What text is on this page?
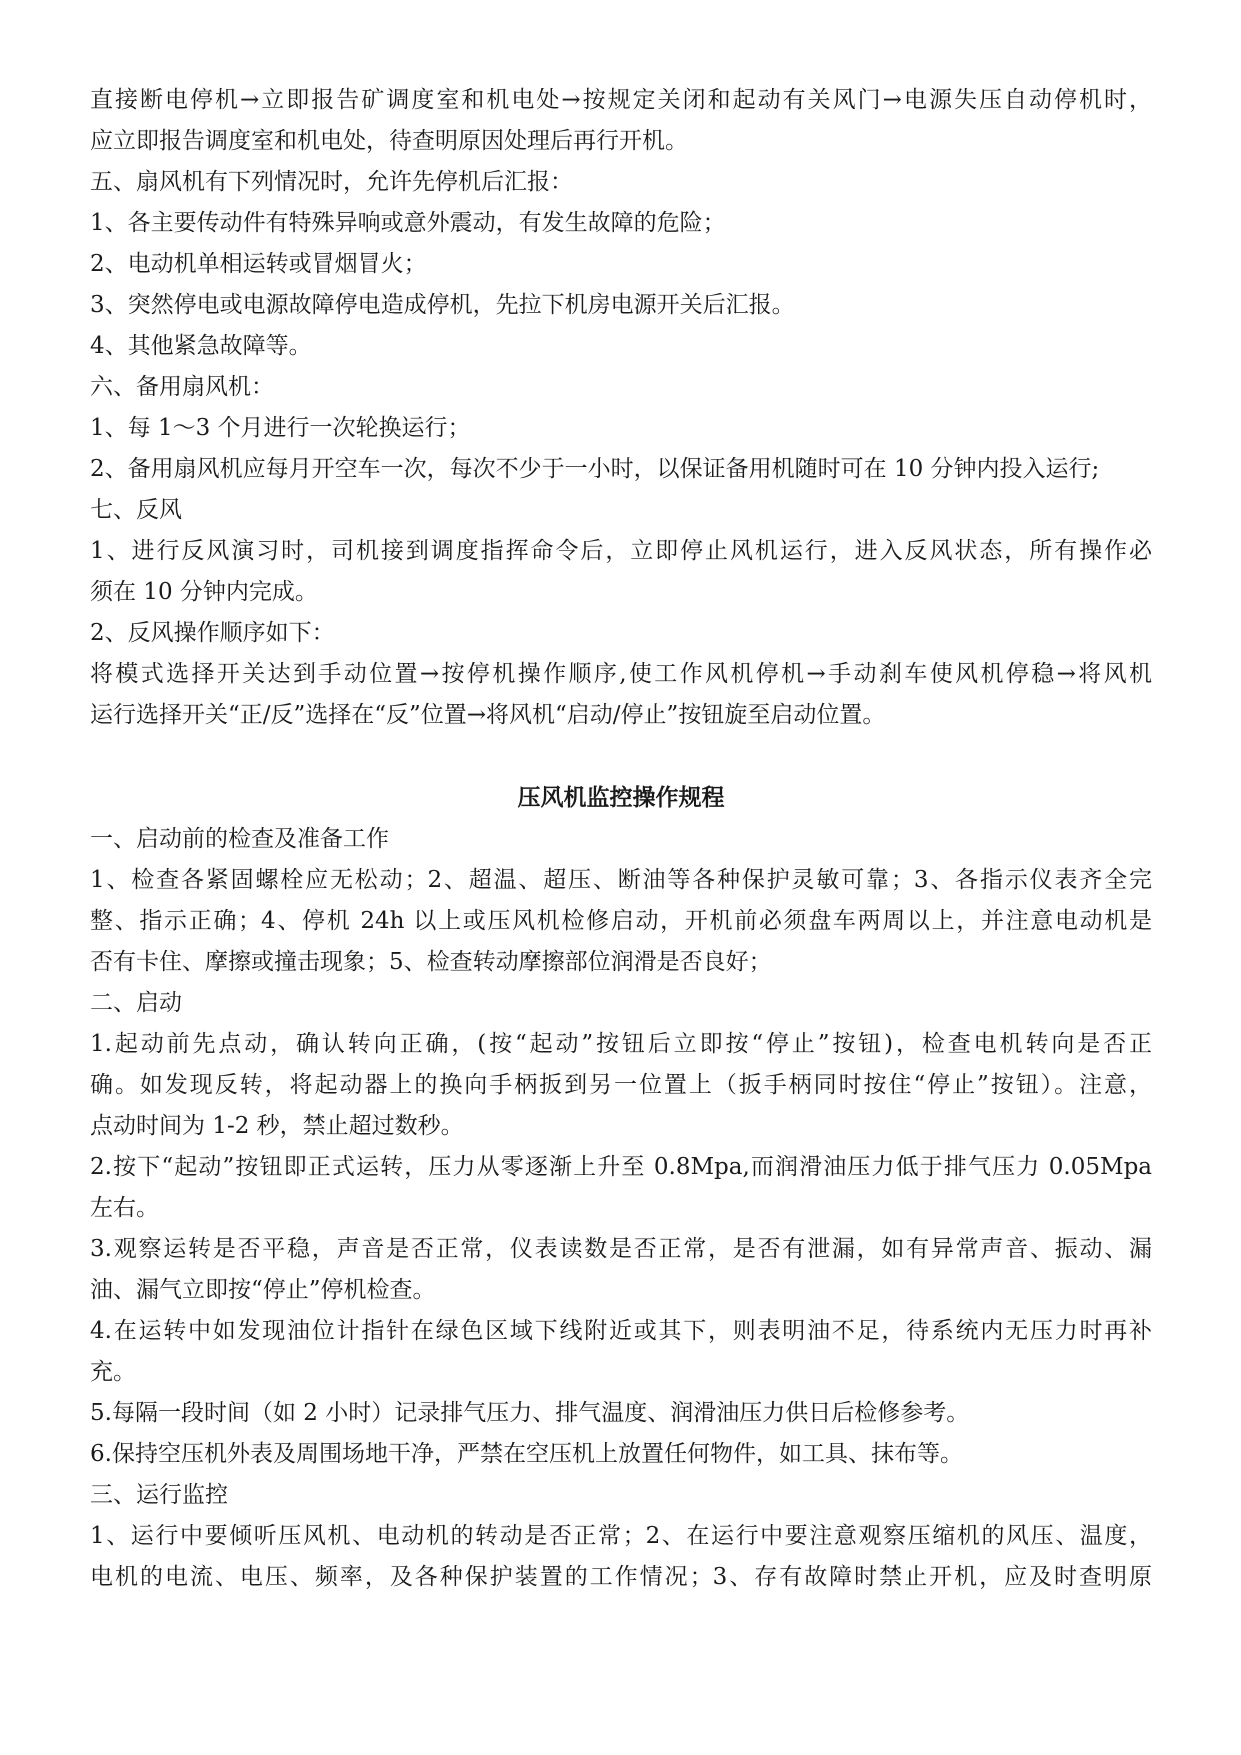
直接断电停机→立即报告矿调度室和机电处→按规定关闭和起动有关风门→电源失压自动停机时，
应立即报告调度室和机电处，待查明原因处理后再行开机。
五、扇风机有下列情况时，允许先停机后汇报：
1、各主要传动件有特殊异响或意外震动，有发生故障的危险；
2、电动机单相运转或冒烟冒火；
3、突然停电或电源故障停电造成停机，先拉下机房电源开关后汇报。
4、其他紧急故障等。
六、备用扇风机：
1、每 1～3 个月进行一次轮换运行；
2、备用扇风机应每月开空车一次，每次不少于一小时，以保证备用机随时可在 10 分钟内投入运行;
七、反风
1、进行反风演习时，司机接到调度指挥命令后，立即停止风机运行，进入反风状态，所有操作必
须在 10 分钟内完成。
2、反风操作顺序如下：
将模式选择开关达到手动位置→按停机操作顺序,使工作风机停机→手动刹车使风机停稳→将风机
运行选择开关“正/反”选择在“反”位置→将风机“启动/停止”按钮旋至启动位置。
压风机监控操作规程
一、启动前的检查及准备工作
1、检查各紧固螺栓应无松动；2、超温、超压、断油等各种保护灵敏可靠；3、各指示仪表齐全完
整、指示正确；4、停机 24h 以上或压风机检修启动，开机前必须盘车两周以上，并注意电动机是
否有卡住、摩擦或撞击现象；5、检查转动摩擦部位润滑是否良好；
二、启动
1.起动前先点动，确认转向正确，(按“起动”按钮后立即按“停止”按钮)，检查电机转向是否正
确。如发现反转，将起动器上的换向手柄扳到另一位置上（扳手柄同时按住“停止”按钮）。注意，
点动时间为 1-2 秒，禁止超过数秒。
2.按下“起动”按钮即正式运转，压力从零逐渐上升至 0.8Mpa,而润滑油压力低于排气压力 0.05Mpa
左右。
3.观察运转是否平稳，声音是否正常，仪表读数是否正常，是否有泄漏，如有异常声音、振动、漏
油、漏气立即按“停止”停机检查。
4.在运转中如发现油位计指针在绿色区域下线附近或其下，则表明油不足，待系统内无压力时再补
充。
5.每隔一段时间（如 2 小时）记录排气压力、排气温度、润滑油压力供日后检修参考。
6.保持空压机外表及周围场地干净，严禁在空压机上放置任何物件，如工具、抹布等。
三、运行监控
1、运行中要倾听压风机、电动机的转动是否正常；2、在运行中要注意观察压缩机的风压、温度，
电机的电流、电压、频率，及各种保护装置的工作情况；3、存有故障时禁止开机，应及时查明原
